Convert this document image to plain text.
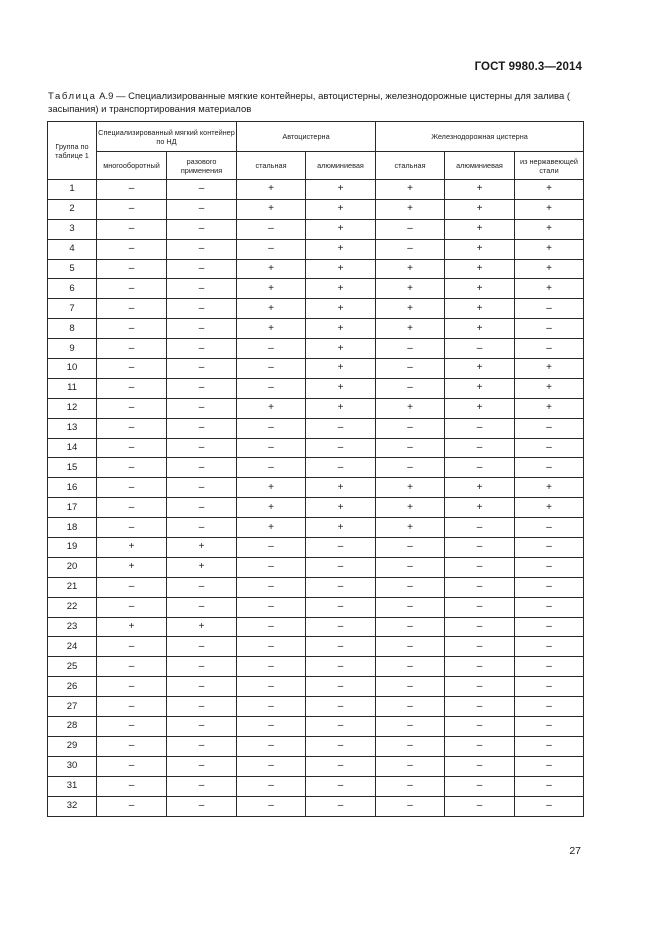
ГОСТ 9980.3—2014
Таблица А.9 — Специализированные мягкие контейнеры, автоцистерны, железнодорожные цистерны для залива ( засыпания) и транспортирования материалов
Группа по таблице 1	Специализированный мягкий контейнер по НД		Автоцистерна		Железнодорожная цистерна		
	многооборотный	разового применения	стальная	алюминиевая	стальная	алюминиевая	из нержавеющей стали
1	–	–	+	+	+	+	+
2	–	–	+	+	+	+	+
3	–	–	–	+	–	+	+
4	–	–	–	+	–	+	+
5	–	–	+	+	+	+	+
6	–	–	+	+	+	+	+
7	–	–	+	+	+	+	–
8	–	–	+	+	+	+	–
9	–	–	–	+	–	–	–
10	–	–	–	+	–	+	+
11	–	–	–	+	–	+	+
12	–	–	+	+	+	+	+
13	–	–	–	–	–	–	–
14	–	–	–	–	–	–	–
15	–	–	–	–	–	–	–
16	–	–	+	+	+	+	+
17	–	–	+	+	+	+	+
18	–	–	+	+	+	–	–
19	+	+	–	–	–	–	–
20	+	+	–	–	–	–	–
21	–	–	–	–	–	–	–
22	–	–	–	–	–	–	–
23	+	+	–	–	–	–	–
24	–	–	–	–	–	–	–
25	–	–	–	–	–	–	–
26	–	–	–	–	–	–	–
27	–	–	–	–	–	–	–
28	–	–	–	–	–	–	–
29	–	–	–	–	–	–	–
30	–	–	–	–	–	–	–
31	–	–	–	–	–	–	–
32	–	–	–	–	–	–	–
27
